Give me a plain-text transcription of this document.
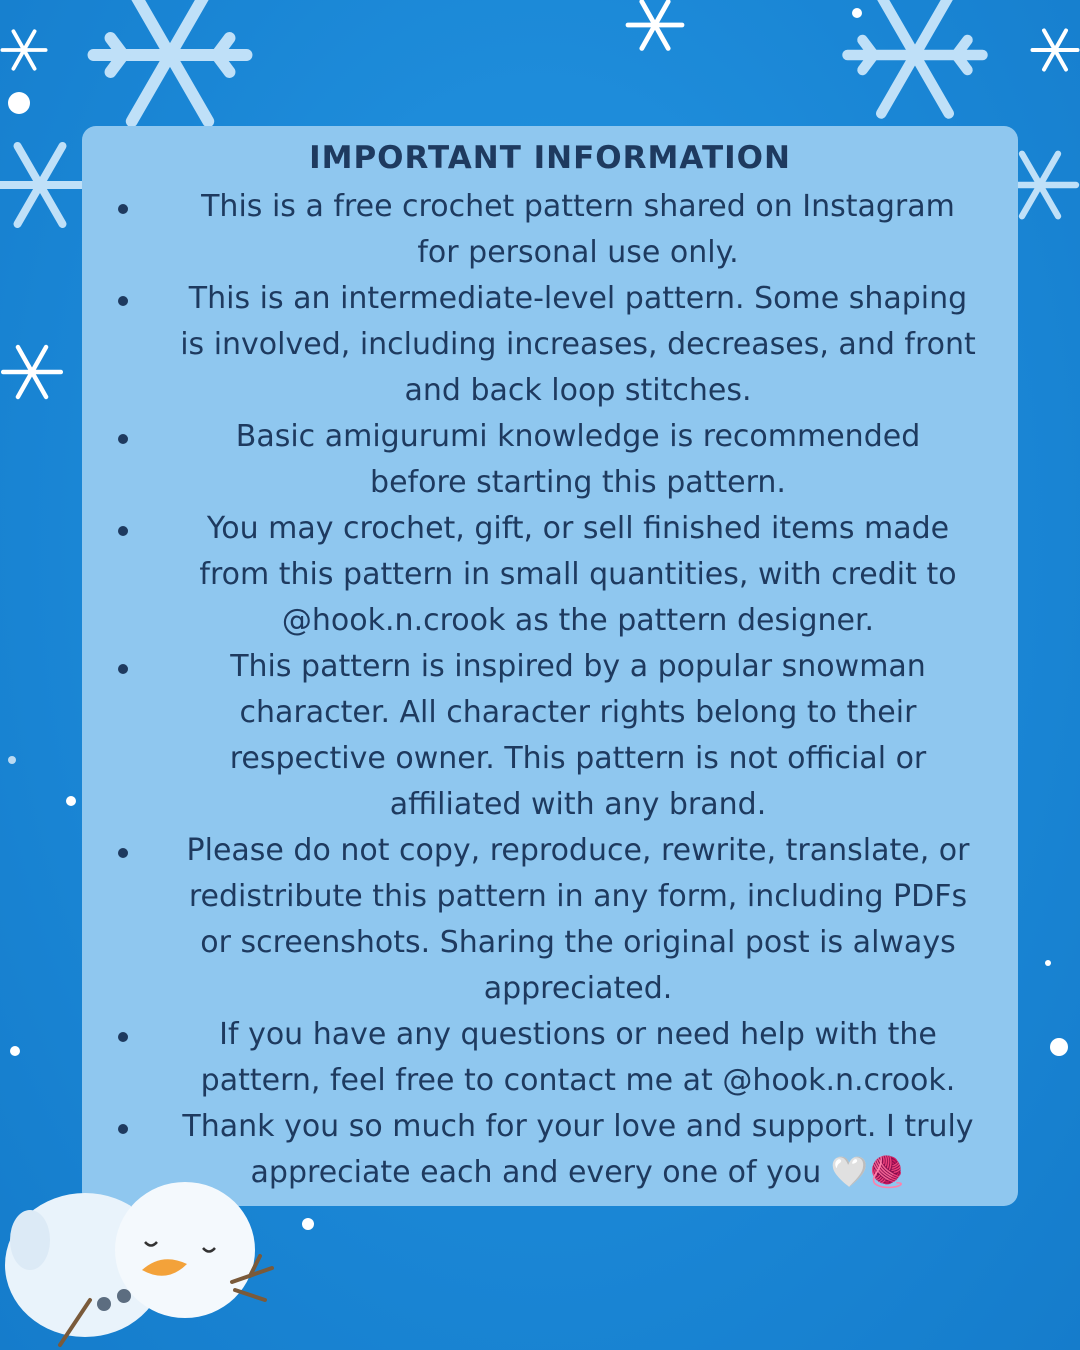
IMPORTANT INFORMATION
This is a free crochet pattern shared on Instagram
for personal use only.
This is an intermediate-level pattern. Some shaping
is involved, including increases, decreases, and front
and back loop stitches.
Basic amigurumi knowledge is recommended
before starting this pattern.
You may crochet, gift, or sell finished items made
from this pattern in small quantities, with credit to
@hook.n.crook as the pattern designer.
This pattern is inspired by a popular snowman
character. All character rights belong to their
respective owner. This pattern is not official or
affiliated with any brand.
Please do not copy, reproduce, rewrite, translate, or
redistribute this pattern in any form, including PDFs
or screenshots. Sharing the original post is always
appreciated.
If you have any questions or need help with the
pattern, feel free to contact me at @hook.n.crook.
Thank you so much for your love and support. I truly
appreciate each and every one of you 🤍🧶
